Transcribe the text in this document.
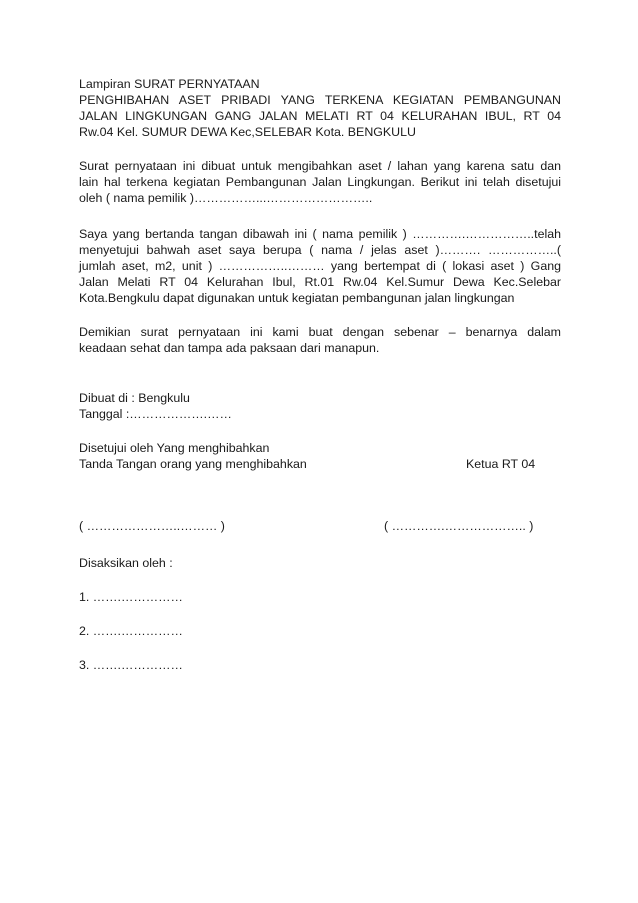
Lampiran SURAT PERNYATAAN
PENGHIBAHAN ASET PRIBADI YANG TERKENA KEGIATAN PEMBANGUNAN
JALAN LINGKUNGAN GANG JALAN MELATI RT 04 KELURAHAN IBUL, RT 04
Rw.04 Kel. SUMUR DEWA Kec,SELEBAR Kota. BENGKULU
Surat pernyataan ini dibuat untuk mengibahkan aset / lahan yang karena satu dan
lain hal terkena kegiatan Pembangunan Jalan Lingkungan. Berikut ini telah disetujui
oleh ( nama pemilik )……………...……………………..
Saya yang bertanda tangan dibawah ini ( nama pemilik ) ………….……………..telah
menyetujui bahwah aset saya berupa ( nama / jelas aset )………. ……………..(
jumlah aset, m2, unit ) ……………..……… yang bertempat di ( lokasi aset ) Gang
Jalan Melati RT 04 Kelurahan Ibul, Rt.01 Rw.04 Kel.Sumur Dewa Kec.Selebar
Kota.Bengkulu dapat digunakan untuk kegiatan pembangunan jalan lingkungan
Demikian surat pernyataan ini kami buat dengan sebenar – benarnya dalam
keadaan sehat dan tampa ada paksaan dari manapun.
Dibuat di : Bengkulu
Tanggal :……………….……
Disetujui oleh Yang menghibahkan
Tanda Tangan orang yang menghibahkan	Ketua RT 04
( …………………..……… )	( ………….……………….. )
Disaksikan oleh :
1. …….……………
2. …….……………
3. …….……………
